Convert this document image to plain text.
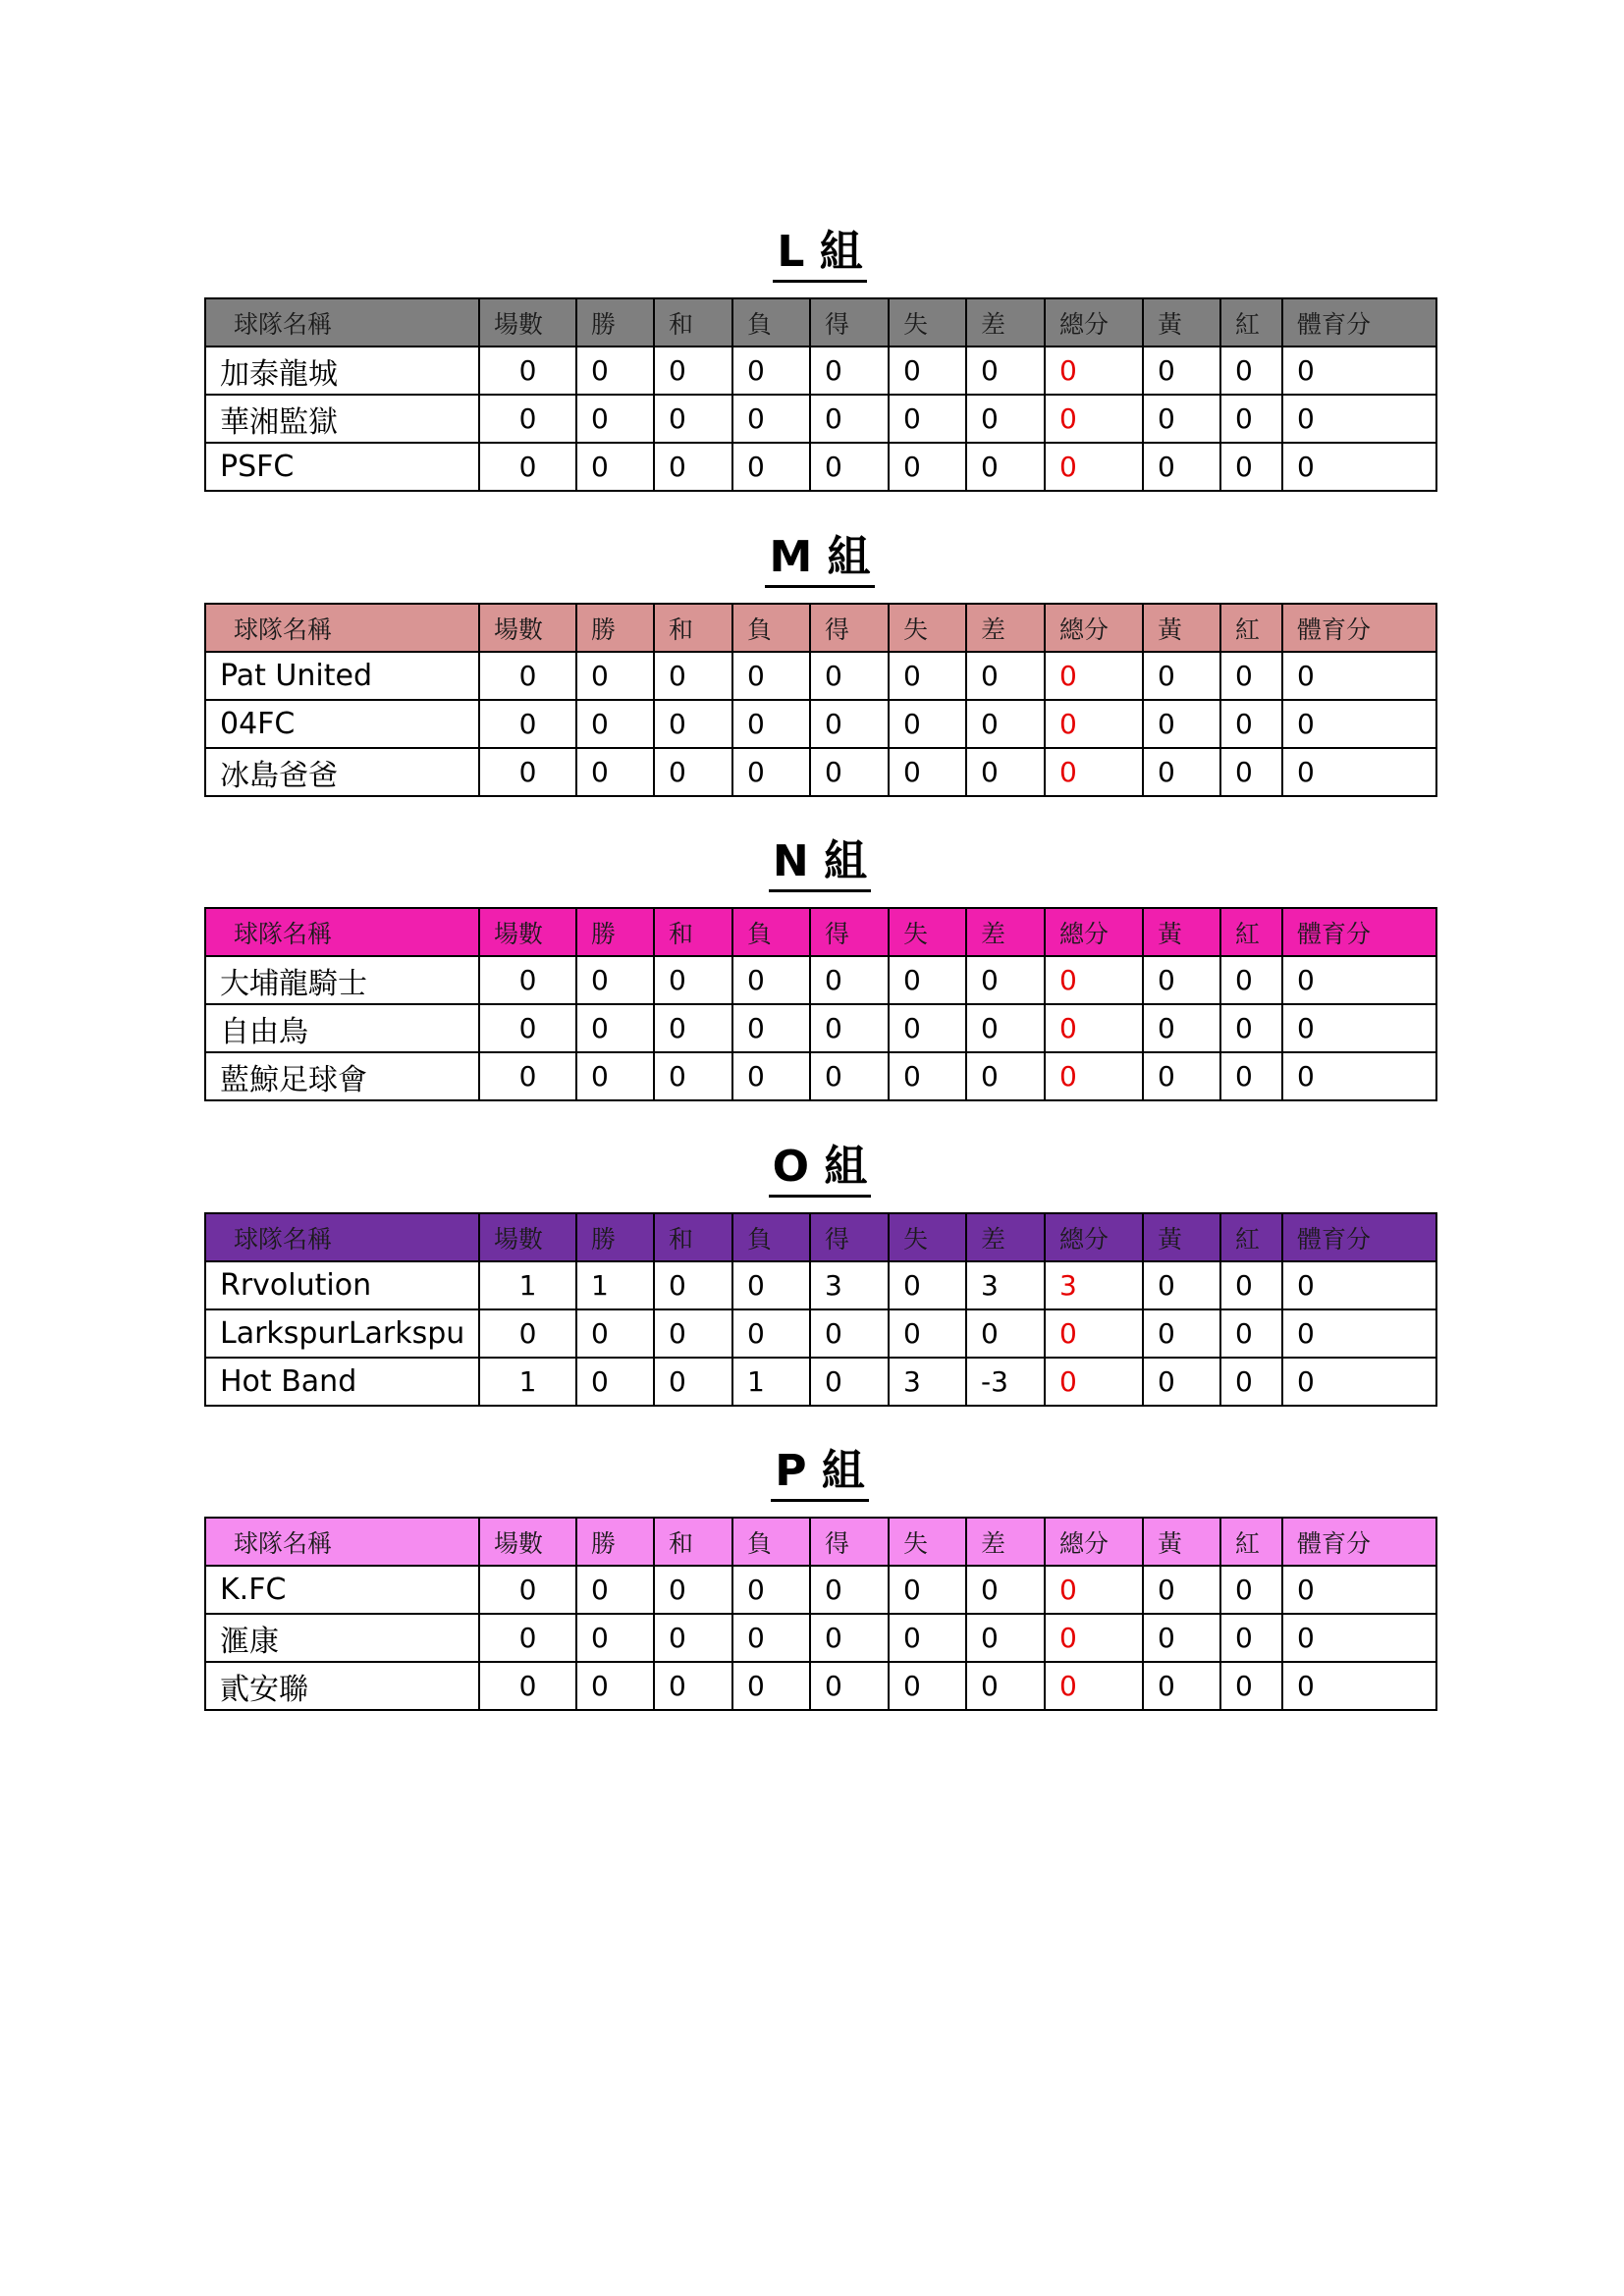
L 組
球隊名稱	場數	勝	和	負	得	失	差	總分	黃	紅	體育分
加泰龍城	0	0	0	0	0	0	0	0	0	0	0
華湘監獄	0	0	0	0	0	0	0	0	0	0	0
PSFC	0	0	0	0	0	0	0	0	0	0	0
M 組
球隊名稱	場數	勝	和	負	得	失	差	總分	黃	紅	體育分
Pat United	0	0	0	0	0	0	0	0	0	0	0
04FC	0	0	0	0	0	0	0	0	0	0	0
冰島爸爸	0	0	0	0	0	0	0	0	0	0	0
N 組
球隊名稱	場數	勝	和	負	得	失	差	總分	黃	紅	體育分
大埔龍騎士	0	0	0	0	0	0	0	0	0	0	0
自由鳥	0	0	0	0	0	0	0	0	0	0	0
藍鯨足球會	0	0	0	0	0	0	0	0	0	0	0
O 組
球隊名稱	場數	勝	和	負	得	失	差	總分	黃	紅	體育分
Rrvolution	1	1	0	0	3	0	3	3	0	0	0
LarkspurLarkspu	0	0	0	0	0	0	0	0	0	0	0
Hot Band	1	0	0	1	0	3	-3	0	0	0	0
P 組
球隊名稱	場數	勝	和	負	得	失	差	總分	黃	紅	體育分
K.FC	0	0	0	0	0	0	0	0	0	0	0
滙康	0	0	0	0	0	0	0	0	0	0	0
貳安聯	0	0	0	0	0	0	0	0	0	0	0
